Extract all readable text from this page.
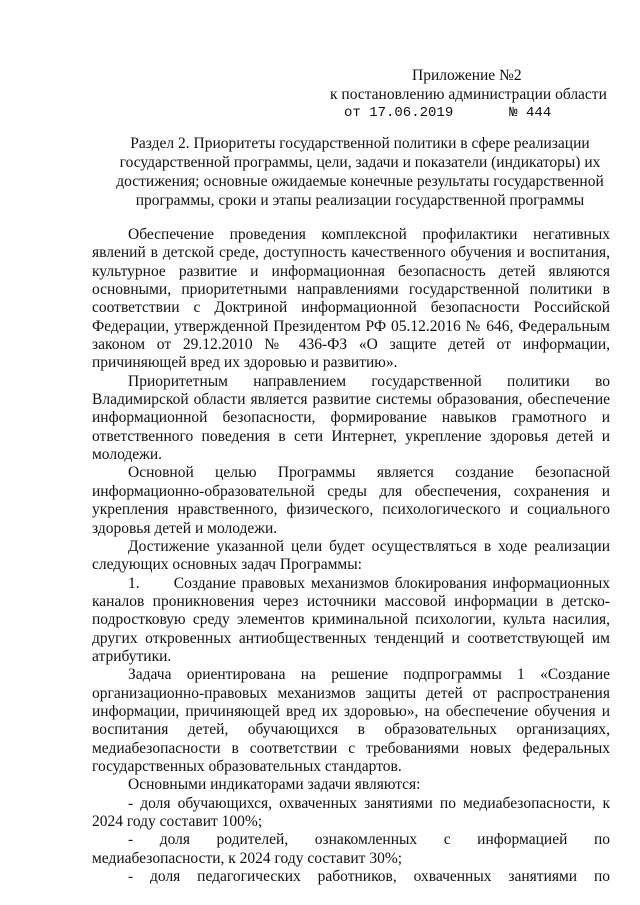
Приложение №2
к постановлению администрации области
от 17.06.2019	№ 444
Раздел 2. Приоритеты государственной политики в сфере реализации государственной программы, цели, задачи и показатели (индикаторы) их достижения; основные ожидаемые конечные результаты государственной программы, сроки и этапы реализации государственной программы

Обеспечение проведения комплексной профилактики негативных явлений в детской среде, доступность качественного обучения и воспитания, культурное развитие и информационная безопасность детей являются основными, приоритетными направлениями государственной политики в соответствии с Доктриной информационной безопасности Российской Федерации, утвержденной Президентом РФ 05.12.2016 № 646, Федеральным законом от 29.12.2010 № 436-ФЗ «О защите детей от информации, причиняющей вред их здоровью и развитию».

Приоритетным направлением государственной политики во Владимирской области является развитие системы образования, обеспечение информационной безопасности, формирование навыков грамотного и ответственного поведения в сети Интернет, укрепление здоровья детей и молодежи.

Основной целью Программы является создание безопасной информационно-образовательной среды для обеспечения, сохранения и укрепления нравственного, физического, психологического и социального здоровья детей и молодежи.

Достижение указанной цели будет осуществляться в ходе реализации следующих основных задач Программы:

1.      Создание правовых механизмов блокирования информационных каналов проникновения через источники массовой информации в детско-подростковую среду элементов криминальной психологии, культа насилия, других откровенных антиобщественных тенденций и соответствующей им атрибутики.

Задача ориентирована на решение подпрограммы 1 «Создание организационно-правовых механизмов защиты детей от распространения информации, причиняющей вред их здоровью», на обеспечение обучения и воспитания детей, обучающихся в образовательных организациях, медиабезопасности в соответствии с требованиями новых федеральных государственных образовательных стандартов.

Основными индикаторами задачи являются:

- доля обучающихся, охваченных занятиями по медиабезопасности, к 2024 году составит 100%;

- доля родителей, ознакомленных с информацией по медиабезопасности, к 2024 году составит 30%;

- доля педагогических работников, охваченных занятиями по
